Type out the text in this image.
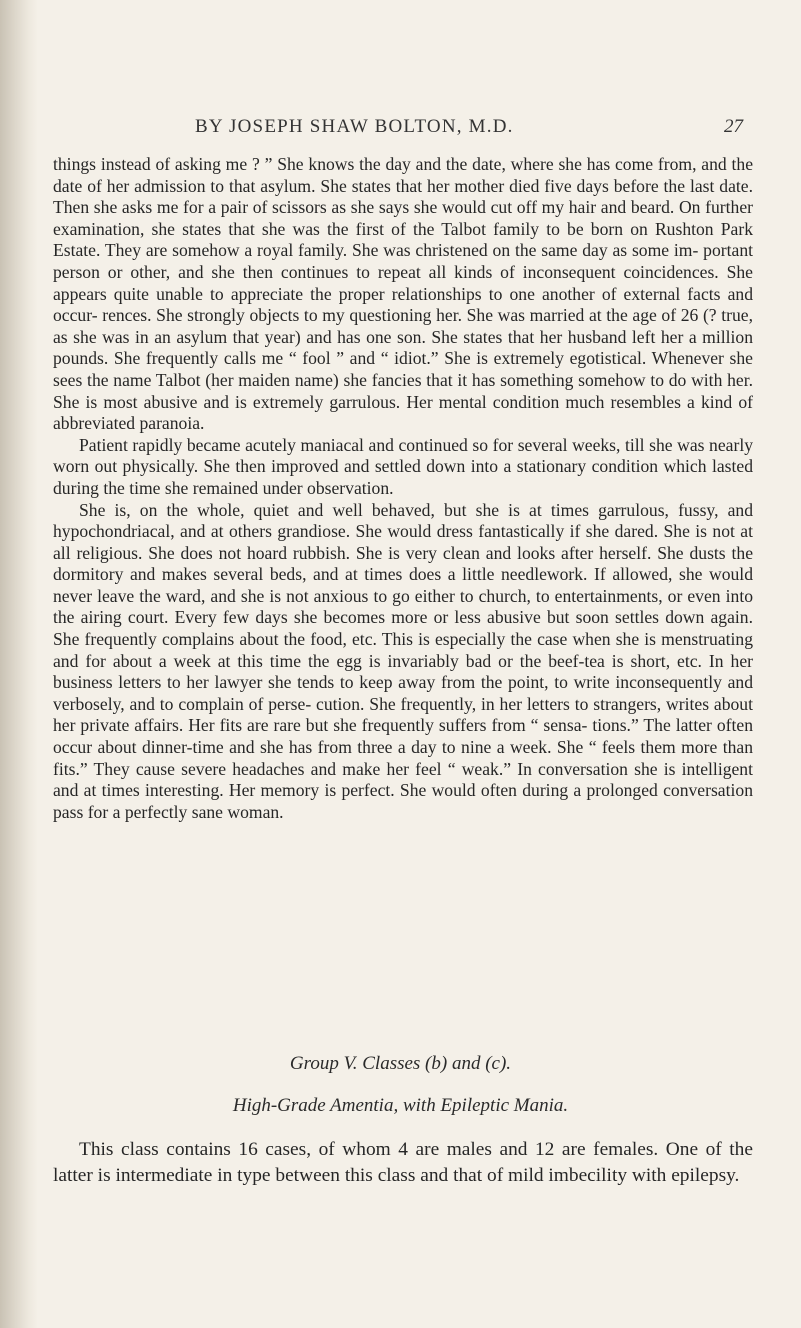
BY JOSEPH SHAW BOLTON, M.D.	27

things instead of asking me ? ” She knows the day and the date, where she has come from, and the date of her admission to that asylum. She states that her mother died five days before the last date. Then she asks me for a pair of scissors as she says she would cut off my hair and beard. On further examination, she states that she was the first of the Talbot family to be born on Rushton Park Estate. They are somehow a royal family. She was christened on the same day as some im- portant person or other, and she then continues to repeat all kinds of inconsequent coincidences. She appears quite unable to appreciate the proper relationships to one another of external facts and occur- rences. She strongly objects to my questioning her. She was married at the age of 26 (? true, as she was in an asylum that year) and has one son. She states that her husband left her a million pounds. She frequently calls me “ fool ” and “ idiot.” She is extremely egotistical. Whenever she sees the name Talbot (her maiden name) she fancies that it has something somehow to do with her. She is most abusive and is extremely garrulous. Her mental condition much resembles a kind of abbreviated paranoia.

Patient rapidly became acutely maniacal and continued so for several weeks, till she was nearly worn out physically. She then improved and settled down into a stationary condition which lasted during the time she remained under observation.

She is, on the whole, quiet and well behaved, but she is at times garrulous, fussy, and hypochondriacal, and at others grandiose. She would dress fantastically if she dared. She is not at all religious. She does not hoard rubbish. She is very clean and looks after herself. She dusts the dormitory and makes several beds, and at times does a little needlework. If allowed, she would never leave the ward, and she is not anxious to go either to church, to entertainments, or even into the airing court. Every few days she becomes more or less abusive but soon settles down again. She frequently complains about the food, etc. This is especially the case when she is menstruating and for about a week at this time the egg is invariably bad or the beef-tea is short, etc. In her business letters to her lawyer she tends to keep away from the point, to write inconsequently and verbosely, and to complain of perse- cution. She frequently, in her letters to strangers, writes about her private affairs. Her fits are rare but she frequently suffers from “ sensa- tions.” The latter often occur about dinner-time and she has from three a day to nine a week. She “ feels them more than fits.” They cause severe headaches and make her feel “ weak.” In conversation she is intelligent and at times interesting. Her memory is perfect. She would often during a prolonged conversation pass for a perfectly sane woman.

Group V. Classes (b) and (c).
High-Grade Amentia, with Epileptic Mania.

This class contains 16 cases, of whom 4 are males and 12 are females. One of the latter is intermediate in type between this class and that of mild imbecility with epilepsy.
